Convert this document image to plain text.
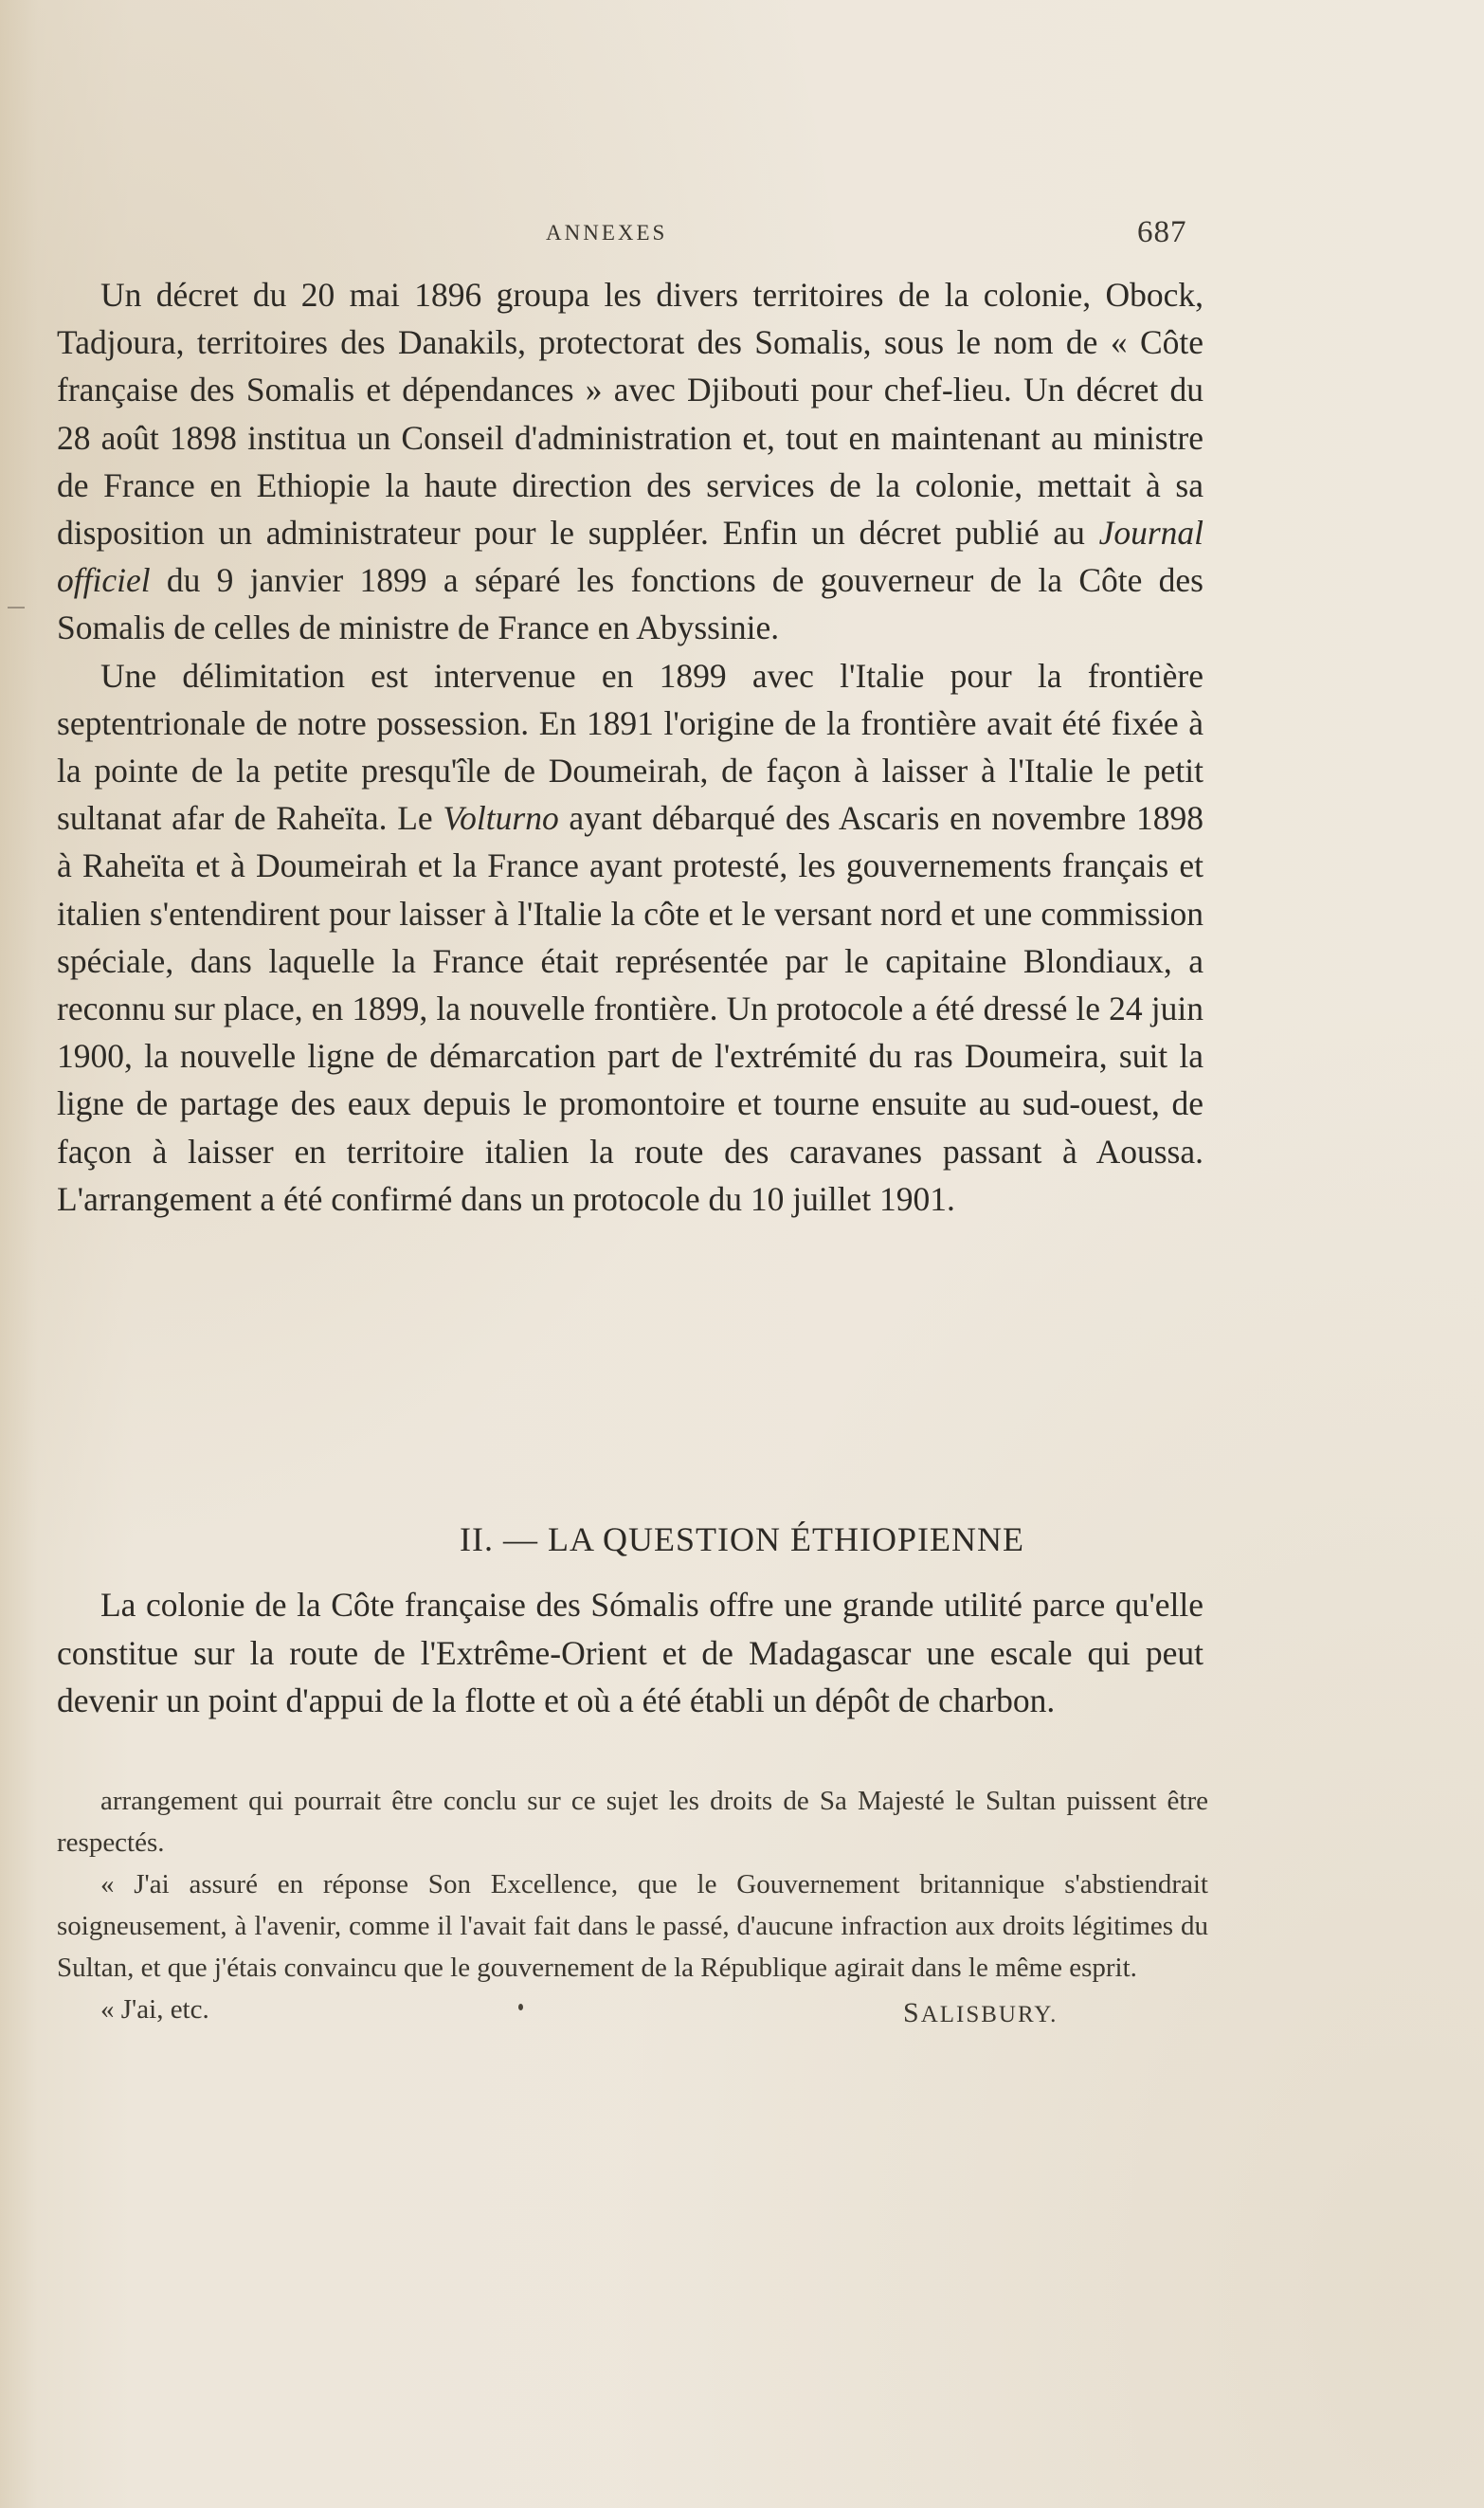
ANNEXES	687

Un décret du 20 mai 1896 groupa les divers territoires de la colonie, Obock, Tadjoura, territoires des Danakils, protectorat des Somalis, sous le nom de « Côte française des Somalis et dépendances » avec Djibouti pour chef-lieu. Un décret du 28 août 1898 institua un Conseil d'administration et, tout en maintenant au ministre de France en Ethiopie la haute direction des services de la colonie, mettait à sa disposition un administrateur pour le suppléer. Enfin un décret publié au Journal officiel du 9 janvier 1899 a séparé les fonctions de gouverneur de la Côte des Somalis de celles de ministre de France en Abyssinie.

Une délimitation est intervenue en 1899 avec l'Italie pour la frontière septentrionale de notre possession. En 1891 l'origine de la frontière avait été fixée à la pointe de la petite presqu'île de Doumeirah, de façon à laisser à l'Italie le petit sultanat afar de Raheïta. Le Volturno ayant débarqué des Ascaris en novembre 1898 à Raheïta et à Doumeirah et la France ayant protesté, les gouvernements français et italien s'entendirent pour laisser à l'Italie la côte et le versant nord et une commission spéciale, dans laquelle la France était représentée par le capitaine Blondiaux, a reconnu sur place, en 1899, la nouvelle frontière. Un protocole a été dressé le 24 juin 1900, la nouvelle ligne de démarcation part de l'extrémité du ras Doumeira, suit la ligne de partage des eaux depuis le promontoire et tourne ensuite au sud-ouest, de façon à laisser en territoire italien la route des caravanes passant à Aoussa. L'arrangement a été confirmé dans un protocole du 10 juillet 1901.

II. — LA QUESTION ÉTHIOPIENNE

La colonie de la Côte française des Sómalis offre une grande utilité parce qu'elle constitue sur la route de l'Extrême-Orient et de Madagascar une escale qui peut devenir un point d'appui de la flotte et où a été établi un dépôt de charbon.

arrangement qui pourrait être conclu sur ce sujet les droits de Sa Majesté le Sultan puissent être respectés.

« J'ai assuré en réponse Son Excellence, que le Gouvernement britannique s'abstiendrait soigneusement, à l'avenir, comme il l'avait fait dans le passé, d'aucune infraction aux droits légitimes du Sultan, et que j'étais convaincu que le gouvernement de la République agirait dans le même esprit.

« J'ai, etc.	SALISBURY.
